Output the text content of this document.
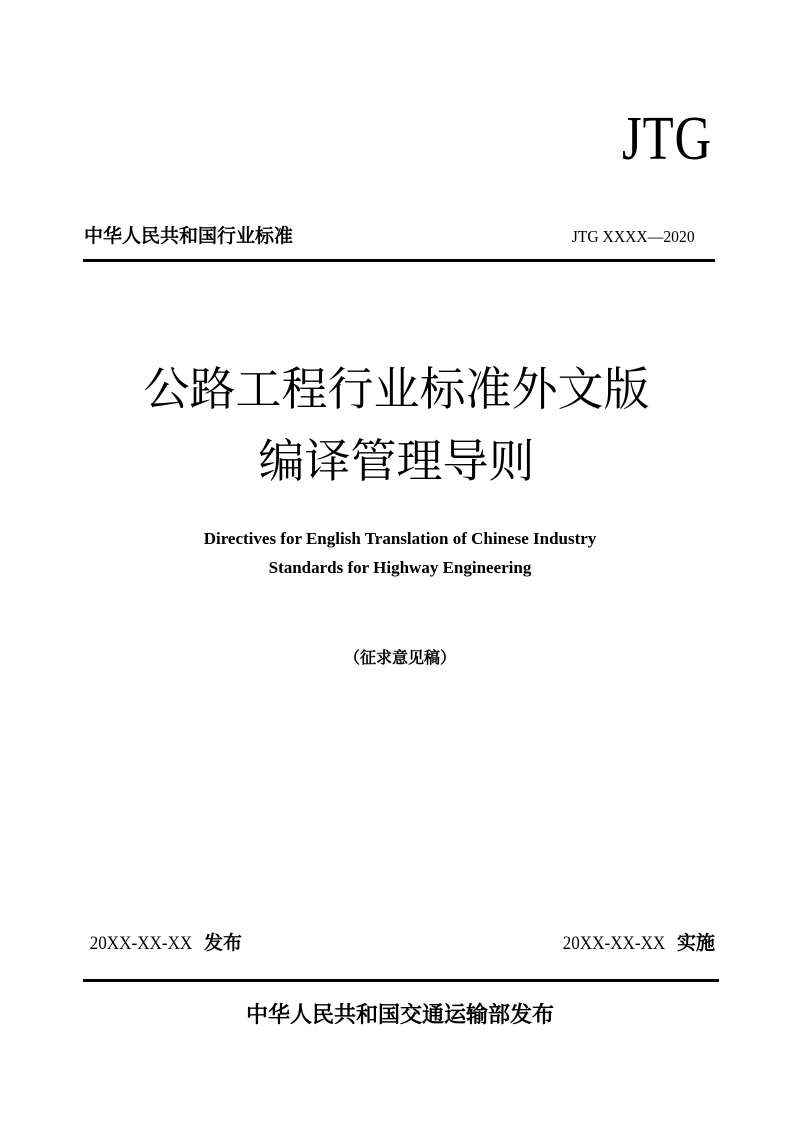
JTG
中华人民共和国行业标准	JTG XXXX—2020
公路工程行业标准外文版
编译管理导则
Directives for English Translation of Chinese Industry
Standards for Highway Engineering
（征求意见稿）
20XX-XX-XX 发布	20XX-XX-XX 实施
中华人民共和国交通运输部发布
